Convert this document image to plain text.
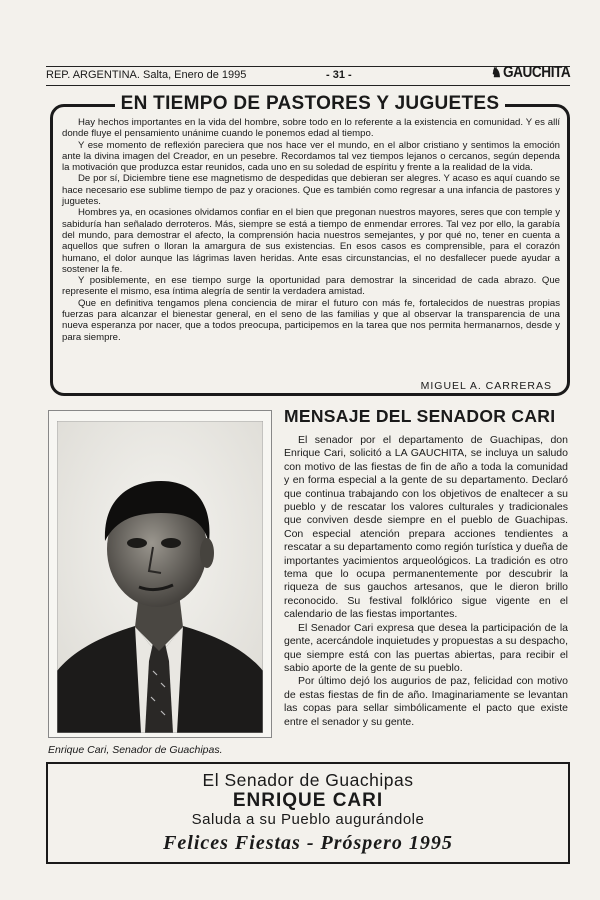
REP. ARGENTINA. Salta, Enero de 1995	- 31 -	♞ GAUCHITA
EN TIEMPO DE PASTORES Y JUGUETES

Hay hechos importantes en la vida del hombre, sobre todo en lo referente a la existencia en comunidad. Y es allí donde fluye el pensamiento unánime cuando le ponemos edad al tiempo.

Y ese momento de reflexión pareciera que nos hace ver el mundo, en el albor cristiano y sentimos la emoción ante la divina imagen del Creador, en un pesebre. Recordamos tal vez tiempos lejanos o cercanos, según dependa la motivación que produzca estar reunidos, cada uno en su soledad de espíritu y frente a la realidad de la vida.

De por sí, Diciembre tiene ese magnetismo de despedidas que debieran ser alegres. Y acaso es aquí cuando se hace necesario ese sublime tiempo de paz y oraciones. Que es también como regresar a una infancia de pastores y juguetes.

Hombres ya, en ocasiones olvidamos confiar en el bien que pregonan nuestros mayores, seres que con temple y sabiduría han señalado derroteros. Más, siempre se está a tiempo de enmendar errores. Tal vez por ello, la garabía del mundo, para demostrar el afecto, la comprensión hacia nuestros semejantes, y por qué no, tener en cuenta a aquellos que sufren o lloran la amargura de sus existencias. En esos casos es comprensible, para el corazón humano, el dolor aunque las lágrimas laven heridas. Ante esas circunstancias, el no desfallecer puede ayudar a sostener la fe.

Y posiblemente, en ese tiempo surge la oportunidad para demostrar la sinceridad de cada abrazo. Que represente el mismo, esa íntima alegría de sentir la verdadera amistad.

Que en definitiva tengamos plena conciencia de mirar el futuro con más fe, fortalecidos de nuestras propias fuerzas para alcanzar el bienestar general, en el seno de las familias y que al observar la transparencia de una nueva esperanza por nacer, que a todos preocupa, participemos en la tarea que nos permita hermanarnos, desde y para siempre.

MIGUEL A. CARRERAS
Enrique Cari, Senador de Guachipas.
MENSAJE DEL SENADOR CARI

El senador por el departamento de Guachipas, don Enrique Cari, solicitó a LA GAUCHITA, se incluya un saludo con motivo de las fiestas de fin de año a toda la comunidad y en forma especial a la gente de su departamento. Declaró que continua trabajando con los objetivos de enaltecer a su pueblo y de rescatar los valores culturales y tradicionales que conviven desde siempre en el pueblo de Guachipas. Con especial atención prepara acciones tendientes a rescatar a su departamento como región turística y dueña de importantes yacimientos arqueológicos. La tradición es otro tema que lo ocupa permanentemente por descubrir la riqueza de sus gauchos artesanos, que le dieron brillo reconocido. Su festival folklórico sigue vigente en el calendario de las fiestas importantes.

El Senador Cari expresa que desea la participación de la gente, acercándole inquietudes y propuestas a su despacho, que siempre está con las puertas abiertas, para recibir el sabio aporte de la gente de su pueblo.

Por último dejó los augurios de paz, felicidad con motivo de estas fiestas de fin de año. Imaginariamente se levantan las copas para sellar simbólicamente el pacto que existe entre el senador y su gente.

El Senador de Guachipas
ENRIQUE CARI
Saluda a su Pueblo augurándole
Felices Fiestas - Próspero 1995
